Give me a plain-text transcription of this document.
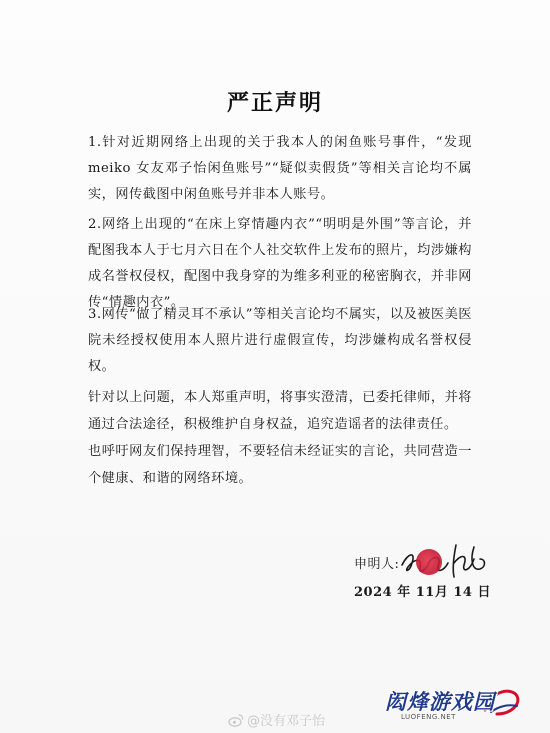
严正声明
1.针对近期网络上出现的关于我本人的闲鱼账号事件，“发现 meiko 女友邓子怡闲鱼账号”“疑似卖假货”等相关言论均不属实，网传截图中闲鱼账号并非本人账号。
2.网络上出现的“在床上穿情趣内衣”“明明是外围”等言论，并配图我本人于七月六日在个人社交软件上发布的照片，均涉嫌构成名誉权侵权，配图中我身穿的为维多利亚的秘密胸衣，并非网传“情趣内衣”。
3.网传“做了精灵耳不承认”等相关言论均不属实，以及被医美医院未经授权使用本人照片进行虚假宣传，均涉嫌构成名誉权侵权。
针对以上问题，本人郑重声明，将事实澄清，已委托律师，并将通过合法途径，积极维护自身权益，追究造谣者的法律责任。
也呼吁网友们保持理智，不要轻信未经证实的言论，共同营造一个健康、和谐的网络环境。
申明人:
2024 年 11月 14 日
@没有邓子怡
闳烽游戏园
LUOFENG.NET
